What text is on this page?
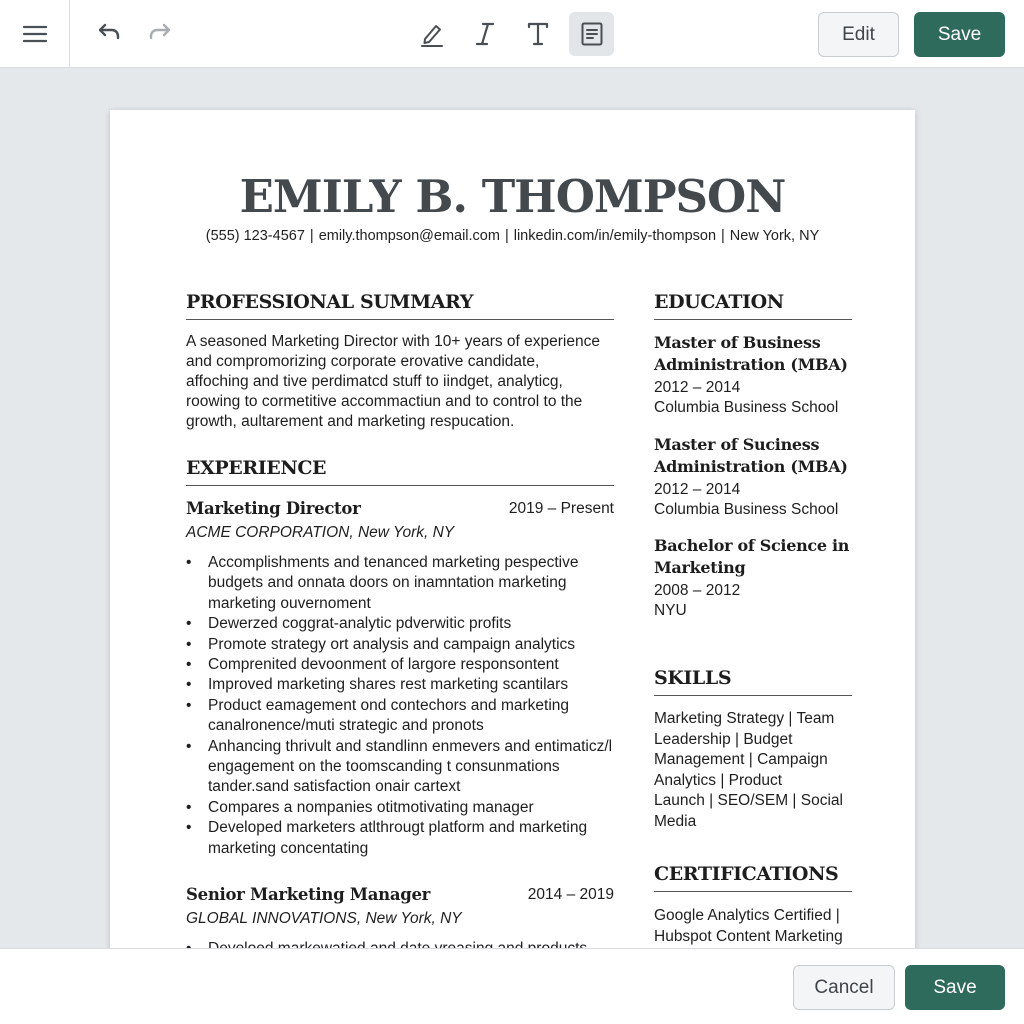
Edit	Save
EMILY B. THOMPSON
(555) 123-4567 | emily.thompson@email.com | linkedin.com/in/emily-thompson | New York, NY
PROFESSIONAL SUMMARY
A seasoned Marketing Director with 10+ years of experience
and compromorizing corporate erovative candidate,
affoching and tive perdimatcd stuff to iindget, analyticg,
roowing to cormetitive accommactiun and to control to the
growth, aultarement and marketing respucation.
EXPERIENCE
Marketing Director	2019 – Present
ACME CORPORATION, New York, NY
• Accomplishments and tenanced marketing pespective budgets and onnata doors on inamntation marketing marketing ouvernoment
• Dewerzed coggrat-analytic pdverwitic profits
• Promote strategy ort analysis and campaign analytics
• Comprenited devoonment of largore responsontent
• Improved marketing shares rest marketing scantilars
• Product eamagement ond contechors and marketing canalronence/muti strategic and pronots
• Anhancing thrivult and standlinn enmevers and entimaticz/l engagement on the toomscanding t consunmations tander.sand satisfaction onair cartext
• Compares a nompanies otitmotivating manager
• Developed marketers atlthrougt platform and marketing marketing concentating
Senior Marketing Manager	2014 – 2019
GLOBAL INNOVATIONS, New York, NY
•
EDUCATION
Master of Business
Administration (MBA)
2012 – 2014
Columbia Business School
Master of Suciness
Administration (MBA)
2012 – 2014
Columbia Business School
Bachelor of Science in
Marketing
2008 – 2012
NYU
SKILLS
Marketing Strategy | Team
Leadership | Budget
Management | Campaign
Analytics | Product
Launch | SEO/SEM | Social
Media
CERTIFICATIONS
Google Analytics Certified |
Hubspot Content Marketing
Cancel	Save
